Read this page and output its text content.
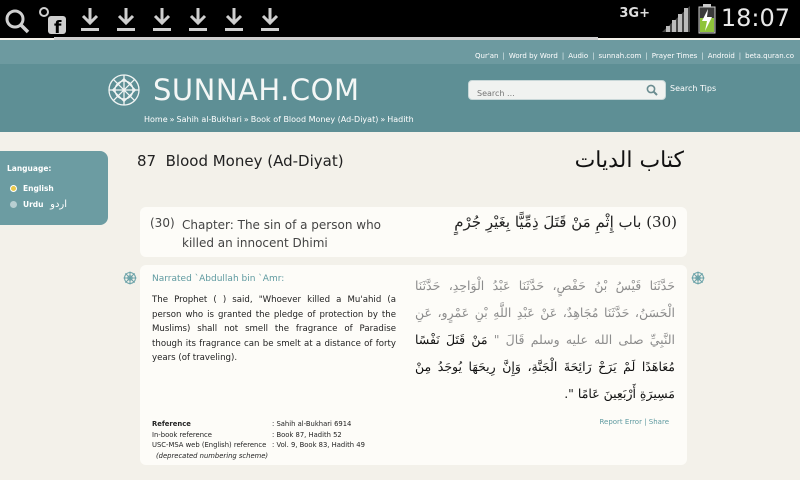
f
3G+	18:07
Qur'an | Word by Word | Audio | sunnah.com | Prayer Times | Android | beta.quran.co
SUNNAH.COM
Search ...	Search Tips
Home » Sahih al-Bukhari » Book of Blood Money (Ad-Diyat) » Hadith
Language:
English
Urdu اردو
87 Blood Money (Ad-Diyat)	كتاب الديات
(30) Chapter: The sin of a person who killed an innocent Dhimi
(30) باب إِثْمِ مَنْ قَتَلَ ذِمِّيًّا بِغَيْرِ جُرْمٍ
Narrated `Abdullah bin `Amr:
The Prophet ( ) said, "Whoever killed a Mu'ahid (a person who is granted the pledge of protection by the Muslims) shall not smell the fragrance of Paradise though its fragrance can be smelt at a distance of forty years (of traveling).
حَدَّثَنَا قَيْسُ بْنُ حَفْصٍ، حَدَّثَنَا عَبْدُ الْوَاحِدِ، حَدَّثَنَا الْحَسَنُ، حَدَّثَنَا مُجَاهِدٌ، عَنْ عَبْدِ اللَّهِ بْنِ عَمْرٍو، عَنِ النَّبِيِّ صلى الله عليه وسلم قَالَ ‏" مَنْ قَتَلَ نَفْسًا مُعَاهَدًا لَمْ يَرَحْ رَائِحَةَ الْجَنَّةِ، وَإِنَّ رِيحَهَا يُوجَدُ مِنْ مَسِيرَةِ أَرْبَعِينَ عَامًا ‏".‏
Reference	: Sahih al-Bukhari 6914
In-book reference	: Book 87, Hadith 52
USC-MSA web (English) reference : Vol. 9, Book 83, Hadith 49
(deprecated numbering scheme)
Report Error | Share
